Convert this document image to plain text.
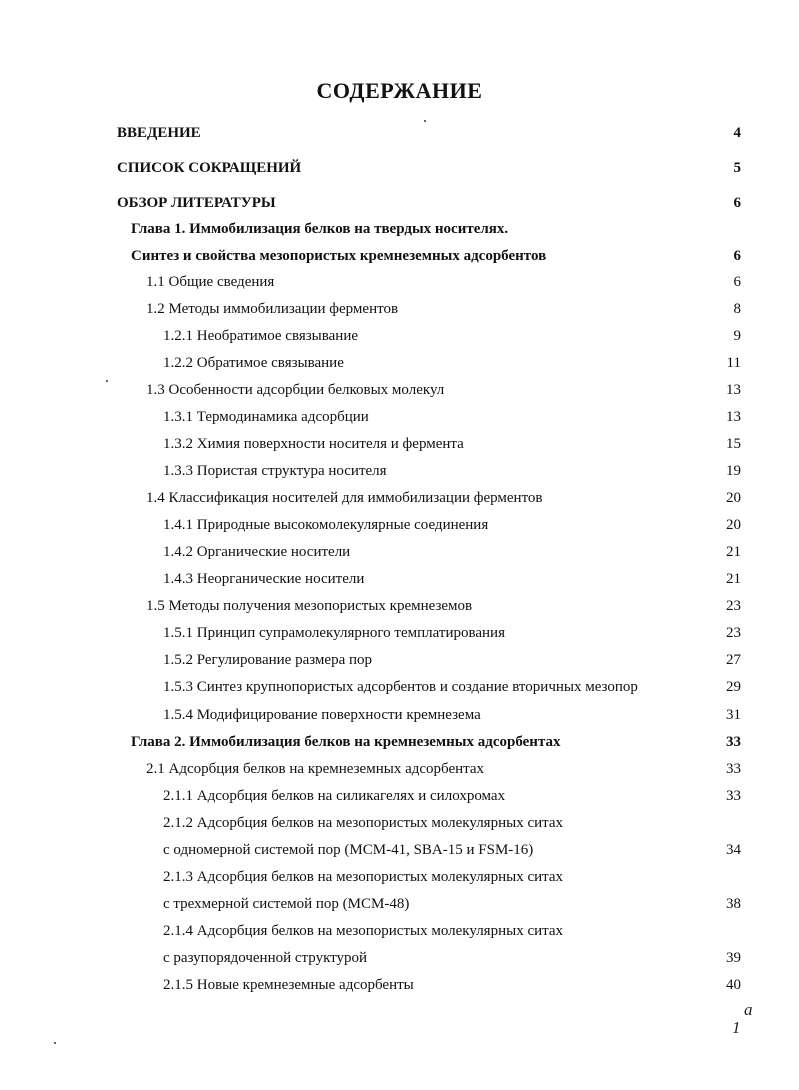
СОДЕРЖАНИЕ
ВВЕДЕНИЕ	4
СПИСОК СОКРАЩЕНИЙ	5
ОБЗОР ЛИТЕРАТУРЫ	6
Глава 1. Иммобилизация белков на твердых носителях.
Синтез и свойства мезопористых кремнеземных адсорбентов	6
1.1 Общие сведения	6
1.2 Методы иммобилизации ферментов	8
1.2.1 Необратимое связывание	9
1.2.2 Обратимое связывание	11
1.3 Особенности адсорбции белковых молекул	13
1.3.1 Термодинамика адсорбции	13
1.3.2 Химия поверхности носителя и фермента	15
1.3.3 Пористая структура носителя	19
1.4 Классификация носителей для иммобилизации ферментов	20
1.4.1 Природные высокомолекулярные соединения	20
1.4.2 Органические носители	21
1.4.3 Неорганические носители	21
1.5 Методы получения мезопористых кремнеземов	23
1.5.1 Принцип супрамолекулярного темплатирования	23
1.5.2 Регулирование размера пор	27
1.5.3 Синтез крупнопористых адсорбентов и создание вторичных мезопор	29
1.5.4 Модифицирование поверхности кремнезема	31
Глава 2. Иммобилизация белков на кремнеземных адсорбентах	33
2.1 Адсорбция белков на кремнеземных адсорбентах	33
2.1.1 Адсорбция белков на силикагелях и силохромах	33
2.1.2 Адсорбция белков на мезопористых молекулярных ситах
с одномерной системой пор (MCM-41, SBA-15 и FSM-16)	34
2.1.3 Адсорбция белков на мезопористых молекулярных ситах
с трехмерной системой пор (МСМ-48)	38
2.1.4 Адсорбция белков на мезопористых молекулярных ситах
с разупорядоченной структурой	39
2.1.5 Новые кремнеземные адсорбенты	40
а
1
